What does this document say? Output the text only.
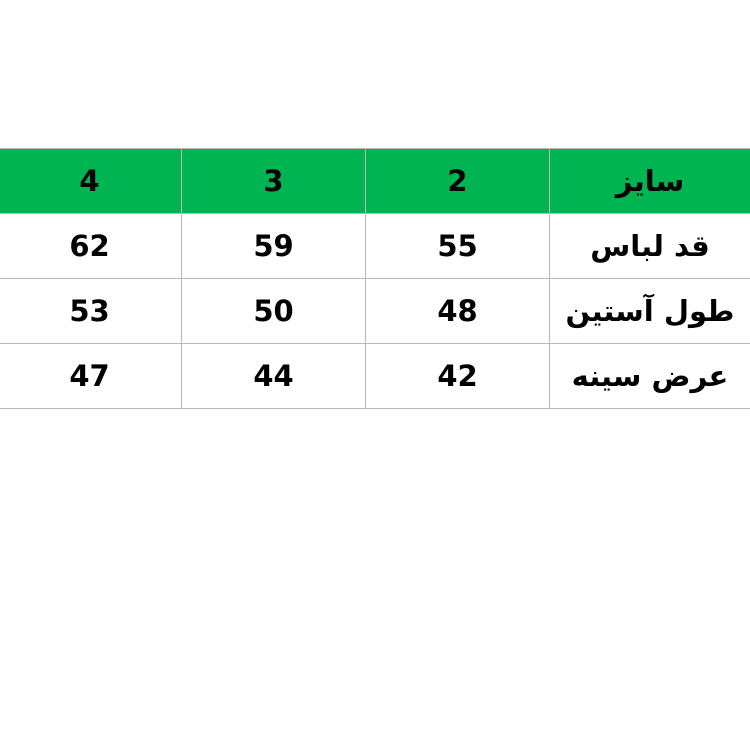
سایز	2	3	4
قد لباس	55	59	62
طول آستین	48	50	53
عرض سینه	42	44	47
